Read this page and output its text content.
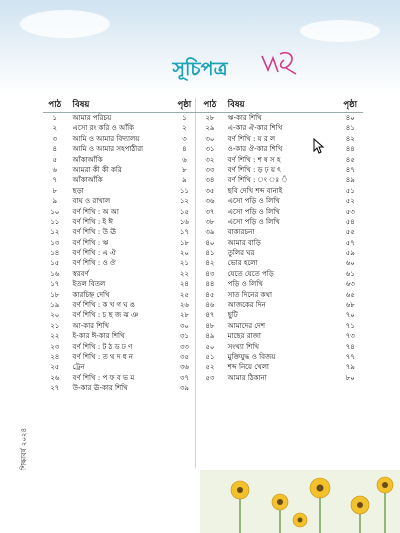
সূচিপত্র
পাঠ	বিষয়	পৃষ্ঠা	পাঠ	বিষয়	পৃষ্ঠা
১	আমার পরিচয়	১	২৮	ঋ-কার শিখি	৪০
২	এসো রং করি ও আঁকি	২	২৯	এ-কার ঐ-কার শিখি	৪১
৩	আমি ও আমার বিদ্যালয়	৩	৩০	বর্ণ শিখি : য র ল	৪২
৪	আমি ও আমার সহপাঠীরা	৪	৩১	ও-কার ঔ-কার শিখি	৪৪
৫	আঁকাআঁকি	৬	৩২	বর্ণ শিখি : শ ষ স হ	৪৫
৬	আমরা কী কী করি	৮	৩৩	বর্ণ শিখি : ড় ঢ় য় ৎ	৪৭
৭	আঁকাআঁকি	৯	৩৪	বর্ণ শিখি : ং ঃ ঁ	৪৯
৮	ছড়া	১১	৩৫	ছবি দেখি শব্দ বানাই	৫১
৯	বাঘ ও রাখাল	১২	৩৬	এসো পড়ি ও লিখি	৫২
১০	বর্ণ শিখি : অ আ	১৫	৩৭	এসো পড়ি ও লিখি	৫৩
১১	বর্ণ শিখি : ই ঈ	১৬	৩৮	এসো পড়ি ও লিখি	৫৪
১২	বর্ণ শিখি : উ ঊ	১৭	৩৯	বাক্যরচনা	৫৫
১৩	বর্ণ শিখি : ঋ	১৮	৪০	আমার বাড়ি	৫৭
১৪	বর্ণ শিখি : এ ঐ	২০	৪১	তুলির ঘর	৫৯
১৫	বর্ণ শিখি : ও ঔ	২১	৪২	ভোর হলো	৬০
১৬	স্বরবর্ণ	২২	৪৩	যেতে যেতে পড়ি	৬১
১৭	ইতল বিতল	২৪	৪৪	পড়ি ও লিখি	৬৩
১৮	কারচিহ্ন দেখি	২৫	৪৫	সাত দিনের কথা	৬৫
১৯	বর্ণ শিখি : ক খ গ ঘ ঙ	২৬	৪৬	আজকের দিন	৬৮
২০	বর্ণ শিখি : চ ছ জ ঝ ঞ	২৮	৪৭	ছুটি	৭০
২১	আ-কার শিখি	৩০	৪৮	আমাদের দেশ	৭১
২২	ই-কার ঈ-কার শিখি	৩১	৪৯	মাছের রাজা	৭৩
২৩	বর্ণ শিখি : ট ঠ ড ঢ ণ	৩৩	৫০	সংখ্যা শিখি	৭৪
২৪	বর্ণ শিখি : ত থ দ ধ ন	৩৫	৫১	মুক্তিযুদ্ধ ও বিজয়	৭৭
২৫	ট্রেন	৩৬	৫২	শব্দ নিয়ে খেলা	৭৯
২৬	বর্ণ শিখি : প ফ ব ভ ম	৩৭	৫৩	আমার ঠিকানা	৮০
২৭	উ-কার ঊ-কার শিখি	৩৯
শিক্ষাবর্ষ ২০২৪
